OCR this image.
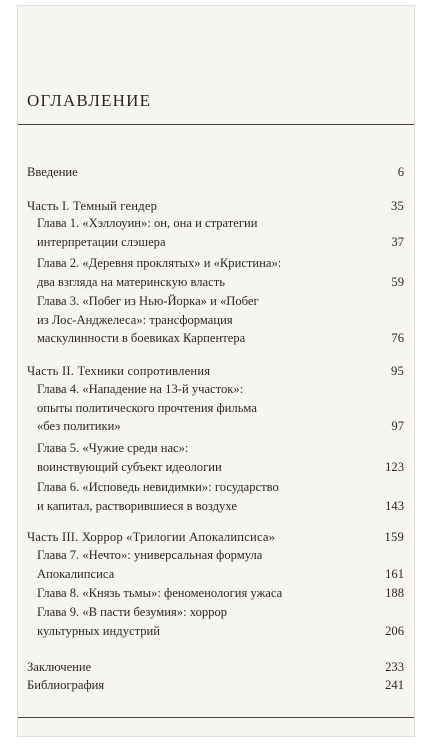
ОГЛАВЛЕНИЕ
Введение	6
Часть I. Темный гендер	35
Глава 1. «Хэллоуин»: он, она и стратегии
интерпретации слэшера	37
Глава 2. «Деревня проклятых» и «Кристина»:
два взгляда на материнскую власть	59
Глава 3. «Побег из Нью-Йорка» и «Побег
из Лос-Анджелеса»: трансформация
маскулинности в боевиках Карпентера	76
Часть II. Техники сопротивления	95
Глава 4. «Нападение на 13-й участок»:
опыты политического прочтения фильма
«без политики»	97
Глава 5. «Чужие среди нас»:
воинствующий субъект идеологии	123
Глава 6. «Исповедь невидимки»: государство
и капитал, растворившиеся в воздухе	143
Часть III. Хоррор «Трилогии Апокалипсиса»	159
Глава 7. «Нечто»: универсальная формула
Апокалипсиса	161
Глава 8. «Князь тьмы»: феноменология ужаса	188
Глава 9. «В пасти безумия»: хоррор
культурных индустрий	206
Заключение	233
Библиография	241
